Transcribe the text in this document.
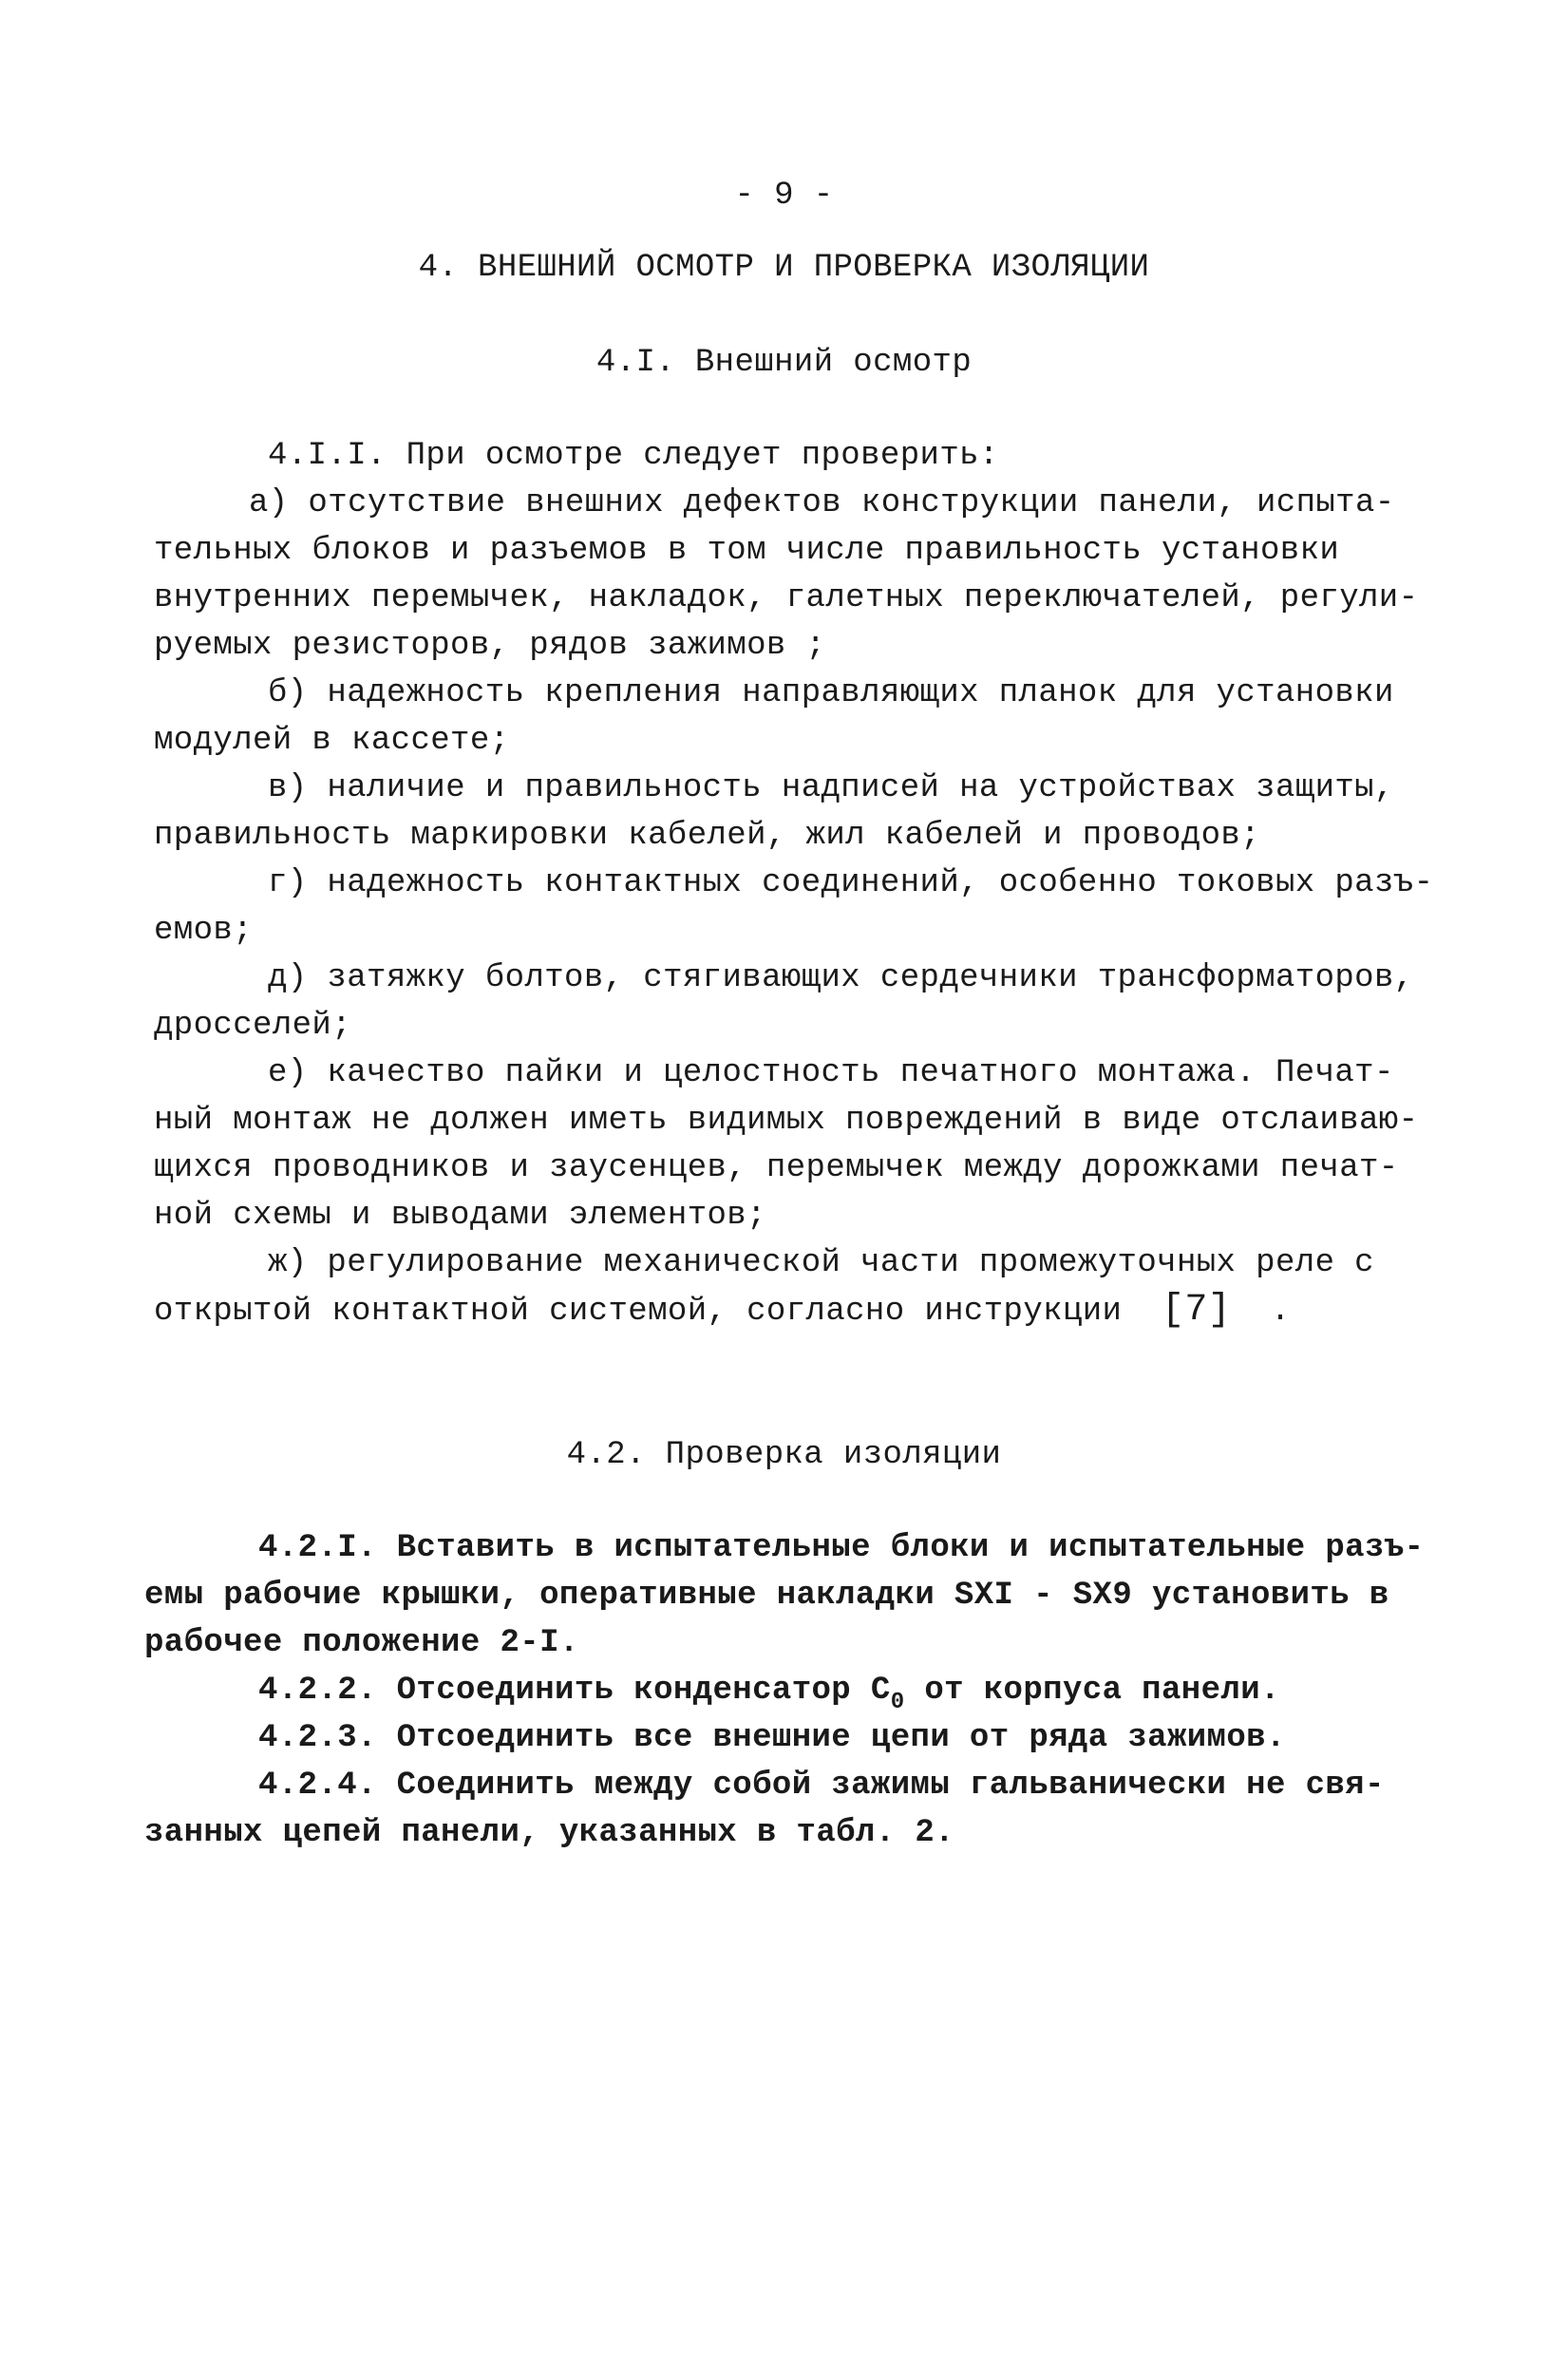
- 9 -
4. ВНЕШНИЙ ОСМОТР И ПРОВЕРКА ИЗОЛЯЦИИ
4.I. Внешний осмотр
4.I.I. При осмотре следует проверить:
а) отсутствие внешних дефектов конструкции панели, испыта-
тельных блоков и разъемов в том числе правильность установки
внутренних перемычек, накладок, галетных переключателей, регули-
руемых резисторов, рядов зажимов ;
б) надежность крепления направляющих планок для установки
модулей в кассете;
в) наличие и правильность надписей на устройствах защиты,
правильность маркировки кабелей, жил кабелей и проводов;
г) надежность контактных соединений, особенно токовых разъ-
емов;
д) затяжку болтов, стягивающих сердечники трансформаторов,
дросселей;
е) качество пайки и целостность печатного монтажа. Печат-
ный монтаж не должен иметь видимых повреждений в виде отслаиваю-
щихся проводников и заусенцев, перемычек между дорожками печат-
ной схемы и выводами элементов;
ж) регулирование механической части промежуточных реле с
открытой контактной системой, согласно инструкции [7] .
4.2. Проверка изоляции
4.2.I. Вставить в испытательные блоки и испытательные разъ-
емы рабочие крышки, оперативные накладки SXI - SX9 установить в
рабочее положение 2-I.
4.2.2. Отсоединить конденсатор $С_0$ от корпуса панели.
4.2.3. Отсоединить все внешние цепи от ряда зажимов.
4.2.4. Соединить между собой зажимы гальванически не свя-
занных цепей панели, указанных в табл. 2.
